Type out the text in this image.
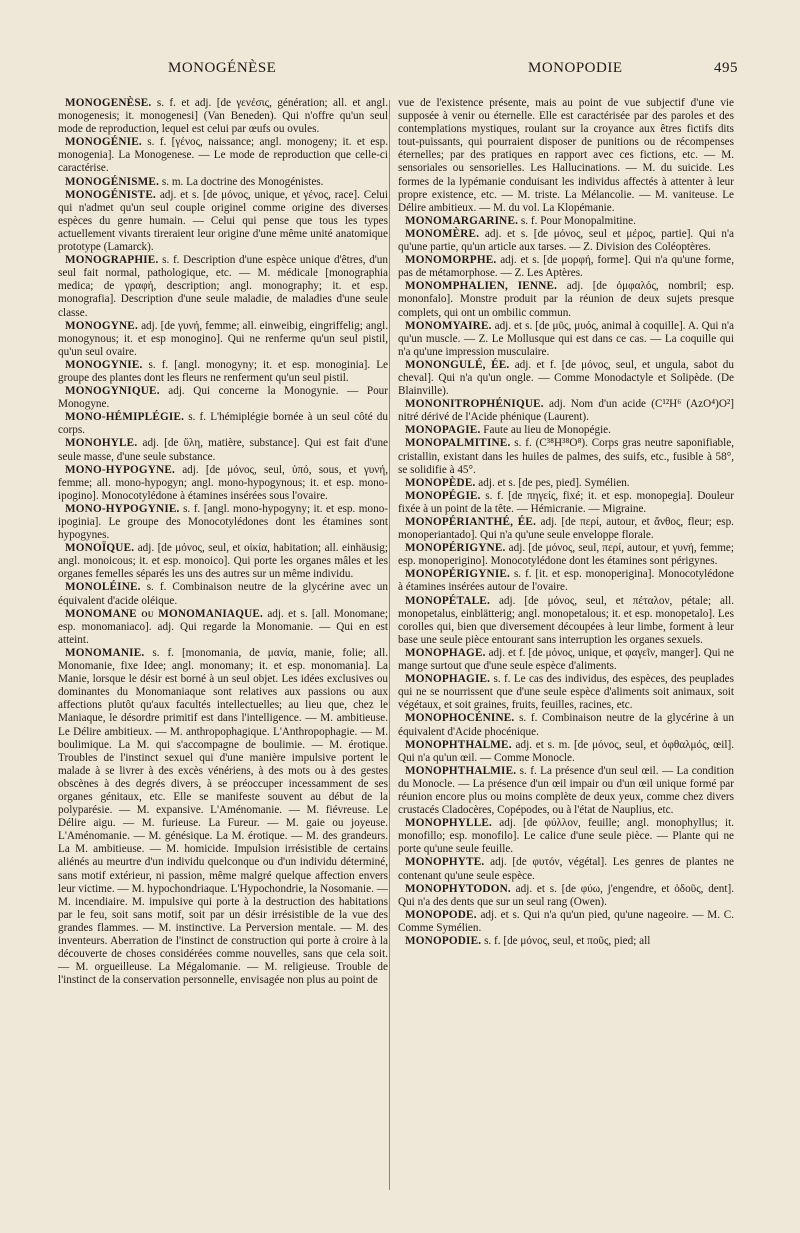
MONOGÉNÈSE	MONOPODIE	495

MONOGENÈSE. s. f. et adj. [de γενέσις, génération; all. et angl. monogenesis; it. monogenesi] (Van Beneden). Qui n'offre qu'un seul mode de reproduction, lequel est celui par œufs ou ovules.

MONOGÉNIE. s. f. [γένος, naissance; angl. monogeny; it. et esp. monogenia]. La Monogenese. — Le mode de reproduction que celle-ci caractérise.

MONOGÉNISME. s. m. La doctrine des Monogénistes.

MONOGÉNISTE. adj. et s. [de μόνος, unique, et γένος, race]. Celui qui n'admet qu'un seul couple originel comme origine des diverses espèces du genre humain. — Celui qui pense que tous les types actuellement vivants tireraient leur origine d'une même unité anatomique prototype (Lamarck).

MONOGRAPHIE. s. f. Description d'une espèce unique d'êtres, d'un seul fait normal, pathologique, etc. — M. médicale [monographia medica; de γραφή, description; angl. monography; it. et esp. monografia]. Description d'une seule maladie, de maladies d'une seule classe.

MONOGYNE. adj. [de γυνή, femme; all. einweibig, eingriffelig; angl. monogynous; it. et esp monogino]. Qui ne renferme qu'un seul pistil, qu'un seul ovaire.

MONOGYNIE. s. f. [angl. monogyny; it. et esp. monoginia]. Le groupe des plantes dont les fleurs ne renferment qu'un seul pistil.

MONOGYNIQUE. adj. Qui concerne la Monogynie. — Pour Monogyne.

MONO-HÉMIPLÉGIE. s. f. L'hémiplégie bornée à un seul côté du corps.

MONOHYLE. adj. [de ὕλη, matière, substance]. Qui est fait d'une seule masse, d'une seule substance.

MONO-HYPOGYNE. adj. [de μόνος, seul, ὑπό, sous, et γυνή, femme; all. mono-hypogyn; angl. mono-hypogynous; it. et esp. mono-ipogino]. Monocotylédone à étamines insérées sous l'ovaire.

MONO-HYPOGYNIE. s. f. [angl. mono-hypogyny; it. et esp. mono-ipoginia]. Le groupe des Monocotylédones dont les étamines sont hypogynes.

MONOÏQUE. adj. [de μόνος, seul, et οἰκία, habitation; all. einhäusig; angl. monoicous; it. et esp. monoico]. Qui porte les organes mâles et les organes femelles séparés les uns des autres sur un même individu.

MONOLÉINE. s. f. Combinaison neutre de la glycérine avec un équivalent d'acide oléique.

MONOMANE ou MONOMANIAQUE. adj. et s. [all. Monomane; esp. monomaniaco]. adj. Qui regarde la Monomanie. — Qui en est atteint.

MONOMANIE. s. f. [monomania, de μανία, manie, folie; all. Monomanie, fixe Idee; angl. monomany; it. et esp. monomania]. La Manie, lorsque le désir est borné à un seul objet. Les idées exclusives ou dominantes du Monomaniaque sont relatives aux passions ou aux affections plutôt qu'aux facultés intellectuelles; au lieu que, chez le Maniaque, le désordre primitif est dans l'intelligence. — M. ambitieuse. Le Délire ambitieux. — M. anthropophagique. L'Anthropophagie. — M. boulimique. La M. qui s'accompagne de boulimie. — M. érotique. Troubles de l'instinct sexuel qui d'une manière impulsive portent le malade à se livrer à des excès vénériens, à des mots ou à des gestes obscènes à des degrés divers, à se préoccuper incessamment de ses organes génitaux, etc. Elle se manifeste souvent au début de la polyparésie. — M. expansive. L'Aménomanie. — M. fiévreuse. Le Délire aigu. — M. furieuse. La Fureur. — M. gaie ou joyeuse. L'Aménomanie. — M. génésique. La M. érotique. — M. des grandeurs. La M. ambitieuse. — M. homicide. Impulsion irrésistible de certains aliénés au meurtre d'un individu quelconque ou d'un individu déterminé, sans motif extérieur, ni passion, même malgré quelque affection envers leur victime. — M. hypochondriaque. L'Hypochondrie, la Nosomanie. — M. incendiaire. M. impulsive qui porte à la destruction des habitations par le feu, soit sans motif, soit par un désir irrésistible de la vue des grandes flammes. — M. instinctive. La Perversion mentale. — M. des inventeurs. Aberration de l'instinct de construction qui porte à croire à la découverte de choses considérées comme nouvelles, sans que cela soit. — M. orgueilleuse. La Mégalomanie. — M. religieuse. Trouble de l'instinct de la conservation personnelle, envisagée non plus au point de

vue de l'existence présente, mais au point de vue subjectif d'une vie supposée à venir ou éternelle. Elle est caractérisée par des paroles et des contemplations mystiques, roulant sur la croyance aux êtres fictifs dits tout-puissants, qui pourraient disposer de punitions ou de récompenses éternelles; par des pratiques en rapport avec ces fictions, etc. — M. sensoriales ou sensorielles. Les Hallucinations. — M. du suicide. Les formes de la lypémanie conduisant les individus affectés à attenter à leur propre existence, etc. — M. triste. La Mélancolie. — M. vaniteuse. Le Délire ambitieux. — M. du vol. La Klopémanie.

MONOMARGARINE. s. f. Pour Monopalmitine.

MONOMÈRE. adj. et s. [de μόνος, seul et μέρος, partie]. Qui n'a qu'une partie, qu'un article aux tarses. — Z. Division des Coléoptères.

MONOMORPHE. adj. et s. [de μορφή, forme]. Qui n'a qu'une forme, pas de métamorphose. — Z. Les Aptères.

MONOMPHALIEN, IENNE. adj. [de ὀμφαλός, nombril; esp. mononfalo]. Monstre produit par la réunion de deux sujets presque complets, qui ont un ombilic commun.

MONOMYAIRE. adj. et s. [de μῦς, μυός, animal à coquille]. A. Qui n'a qu'un muscle. — Z. Le Mollusque qui est dans ce cas. — La coquille qui n'a qu'une impression musculaire.

MONONGULÉ, ÉE. adj. et f. [de μόνος, seul, et ungula, sabot du cheval]. Qui n'a qu'un ongle. — Comme Monodactyle et Solipède. (De Blainville).

MONONITROPHÉNIQUE. adj. Nom d'un acide (C¹²H⁶ (AzO⁴)O²] nitré dérivé de l'Acide phénique (Laurent).

MONOPAGIE. Faute au lieu de Monopégie.

MONOPALMITINE. s. f. (C³⁸H³⁸O⁸). Corps gras neutre saponifiable, cristallin, existant dans les huiles de palmes, des suifs, etc., fusible à 58°, se solidifie à 45°.

MONOPÈDE. adj. et s. [de pes, pied]. Symélien.

MONOPÉGIE. s. f. [de πηγείς, fixé; it. et esp. monopegia]. Douleur fixée à un point de la tête. — Hémicranie. — Migraine.

MONOPÉRIANTHÉ, ÉE. adj. [de περί, autour, et ἄνθος, fleur; esp. monoperiantado]. Qui n'a qu'une seule enveloppe florale.

MONOPÉRIGYNE. adj. [de μόνος, seul, περί, autour, et γυνή, femme; esp. monoperigino]. Monocotylédone dont les étamines sont périgynes.

MONOPÉRIGYNIE. s. f. [it. et esp. monoperigina]. Monocotylédone à étamines insérées autour de l'ovaire.

MONOPÉTALE. adj. [de μόνος, seul, et πέταλον, pétale; all. monopetalus, einblätterig; angl. monopetalous; it. et esp. monopetalo]. Les corolles qui, bien que diversement découpées à leur limbe, forment à leur base une seule pièce entourant sans interruption les organes sexuels.

MONOPHAGE. adj. et f. [de μόνος, unique, et φαγεῖν, manger]. Qui ne mange surtout que d'une seule espèce d'aliments.

MONOPHAGIE. s. f. Le cas des individus, des espèces, des peuplades qui ne se nourrissent que d'une seule espèce d'aliments soit animaux, soit végétaux, et soit graines, fruits, feuilles, racines, etc.

MONOPHOCÉNINE. s. f. Combinaison neutre de la glycérine à un équivalent d'Acide phocénique.

MONOPHTHALME. adj. et s. m. [de μόνος, seul, et ὀφθαλμός, œil]. Qui n'a qu'un œil. — Comme Monocle.

MONOPHTHALMIE. s. f. La présence d'un seul œil. — La condition du Monocle. — La présence d'un œil impair ou d'un œil unique formé par réunion encore plus ou moins complète de deux yeux, comme chez divers crustacés Cladocères, Copépodes, ou à l'état de Nauplius, etc.

MONOPHYLLE. adj. [de φύλλον, feuille; angl. monophyllus; it. monofillo; esp. monofilo]. Le calice d'une seule pièce. — Plante qui ne porte qu'une seule feuille.

MONOPHYTE. adj. [de φυτόν, végétal]. Les genres de plantes ne contenant qu'une seule espèce.

MONOPHYTODON. adj. et s. [de φύω, j'engendre, et ὀδοῦς, dent]. Qui n'a des dents que sur un seul rang (Owen).

MONOPODE. adj. et s. Qui n'a qu'un pied, qu'une nageoire. — M. C. Comme Symélien.

MONOPODIE. s. f. [de μόνος, seul, et ποῦς, pied; all
